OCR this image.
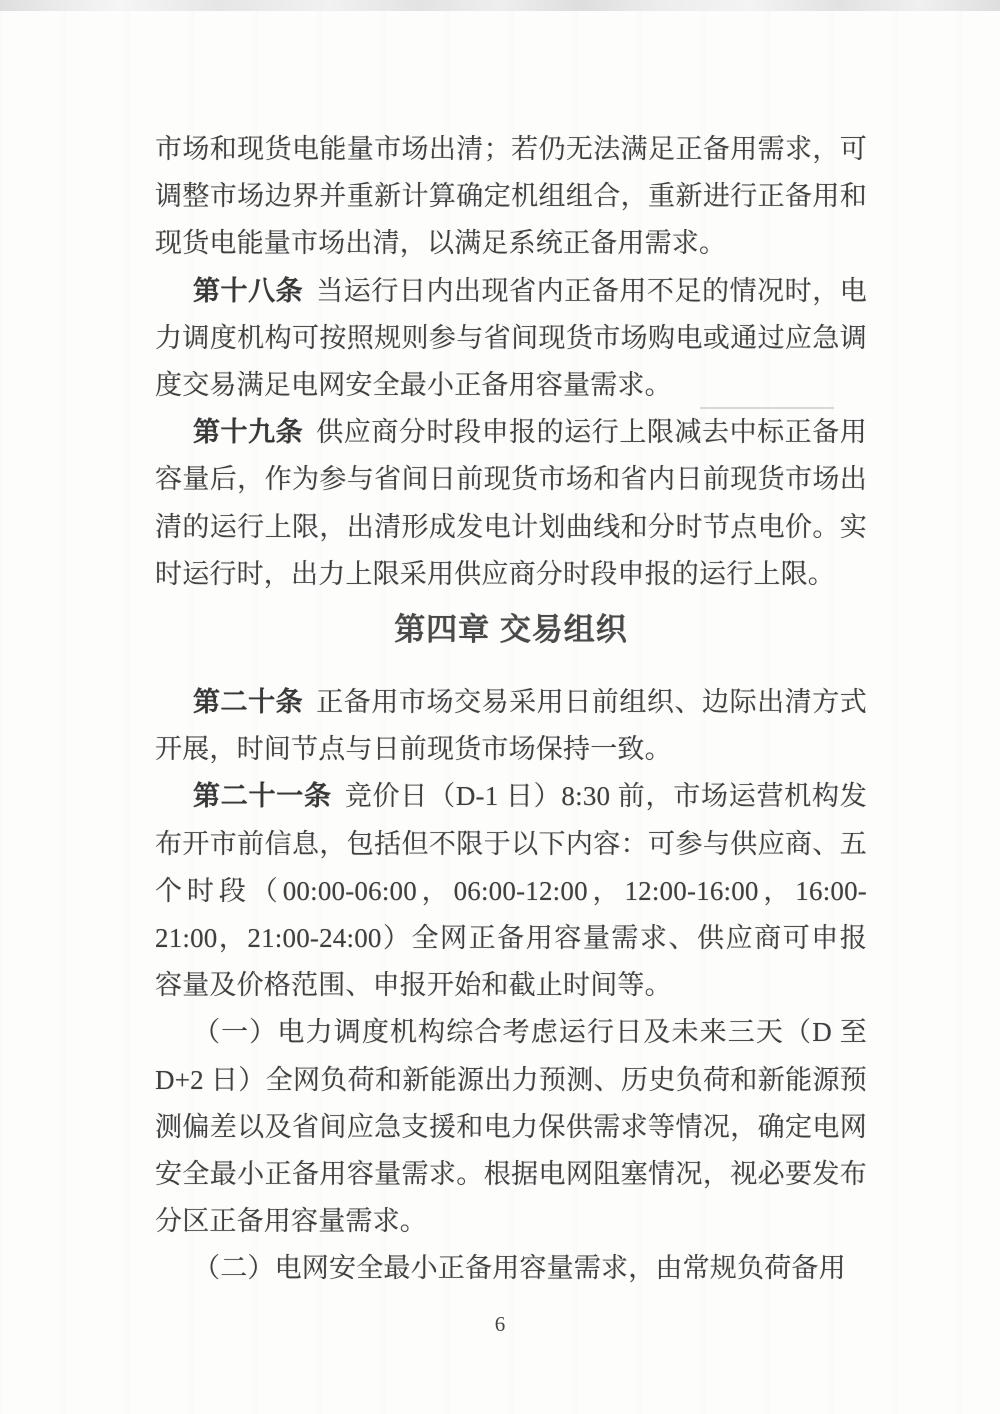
市场和现货电能量市场出清；若仍无法满足正备用需求，可调整市场边界并重新计算确定机组组合，重新进行正备用和现货电能量市场出清，以满足系统正备用需求。

第十八条 当运行日内出现省内正备用不足的情况时，电力调度机构可按照规则参与省间现货市场购电或通过应急调度交易满足电网安全最小正备用容量需求。

第十九条 供应商分时段申报的运行上限减去中标正备用容量后，作为参与省间日前现货市场和省内日前现货市场出清的运行上限，出清形成发电计划曲线和分时节点电价。实时运行时，出力上限采用供应商分时段申报的运行上限。

第四章 交易组织

第二十条 正备用市场交易采用日前组织、边际出清方式开展，时间节点与日前现货市场保持一致。

第二十一条 竞价日（D-1 日）8:30 前，市场运营机构发布开市前信息，包括但不限于以下内容：可参与供应商、五个时段（00:00-06:00，06:00-12:00，12:00-16:00，16:00-21:00，21:00-24:00）全网正备用容量需求、供应商可申报容量及价格范围、申报开始和截止时间等。

（一）电力调度机构综合考虑运行日及未来三天（D 至 D+2 日）全网负荷和新能源出力预测、历史负荷和新能源预测偏差以及省间应急支援和电力保供需求等情况，确定电网安全最小正备用容量需求。根据电网阻塞情况，视必要发布分区正备用容量需求。

（二）电网安全最小正备用容量需求，由常规负荷备用

6
